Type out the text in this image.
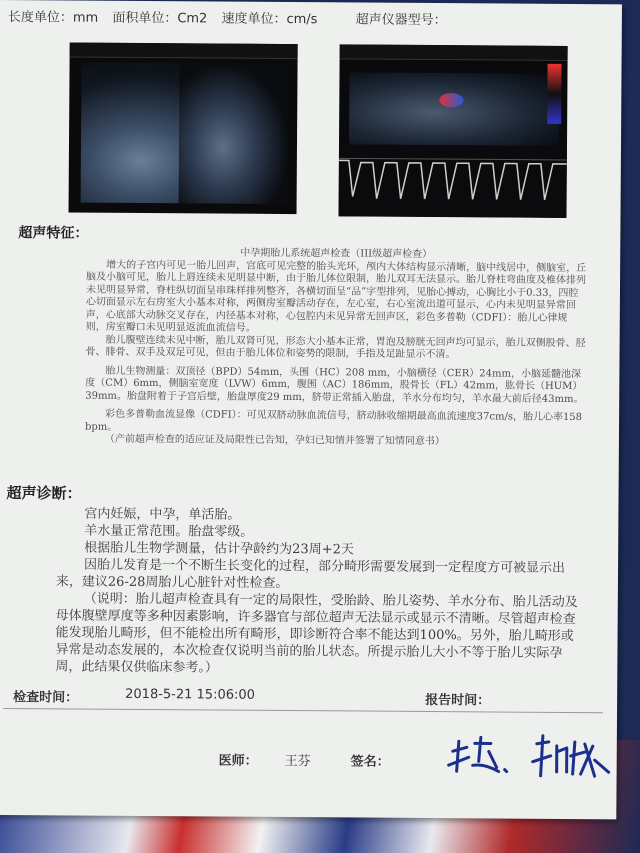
长度单位：mm 面积单位：Cm2 速度单位：cm/s	超声仪器型号：
超声特征：

中孕期胎儿系统超声检查（III级超声检查）

增大的子宫内可见一胎儿回声，宫底可见完整的胎头光环，颅内大体结构显示清晰，脑中线居中，侧脑室，丘脑及小脑可见，胎儿上唇连续未见明显中断，由于胎儿体位限制，胎儿双耳无法显示。胎儿脊柱弯曲度及椎体排列未见明显异常，脊柱纵切面呈串珠样排列整齐，各横切面呈“品”字型排列，见胎心搏动，心胸比小于0.33，四腔心切面显示左右房室大小基本对称，两侧房室瓣活动存在，左心室，右心室流出道可显示，心内未见明显异常回声，心底部大动脉交叉存在，内径基本对称，心包腔内未见异常无回声区，彩色多普勒（CDFI）：胎儿心律规则，房室瓣口未见明显返流血流信号。

胎儿腹壁连续未见中断，胎儿双肾可见，形态大小基本正常，胃泡及膀胱无回声均可显示，胎儿双侧股骨、胫骨、腓骨、双手及双足可见，但由于胎儿体位和姿势的限制，手指及足趾显示不清。

胎儿生物测量：双顶径（BPD）54mm，头围（HC）208 mm，小脑横径（CER）24mm，小脑延髓池深度（CM）6mm，侧脑室宽度（LVW）6mm，腹围（AC）186mm，股骨长（FL）42mm，肱骨长（HUM）39mm。胎盘附着于子宫后壁，胎盘厚度29 mm，脐带正常插入胎盘，羊水分布均匀，羊水最大前后径43mm。

彩色多普勒血流显像（CDFI）：可见双脐动脉血流信号，脐动脉收缩期最高血流速度37cm/s，胎儿心率158 bpm。

（产前超声检查的适应证及局限性已告知，孕妇已知情并签署了知情同意书）

超声诊断：

宫内妊娠，中孕，单活胎。

羊水量正常范围。胎盘零级。

根据胎儿生物学测量，估计孕龄约为23周+2天

因胎儿发育是一个不断生长变化的过程，部分畸形需要发展到一定程度方可被显示出来，建议26-28周胎儿心脏针对性检查。

（说明：胎儿超声检查具有一定的局限性，受胎龄、胎儿姿势、羊水分布、胎儿活动及母体腹壁厚度等多种因素影响，许多器官与部位超声无法显示或显示不清晰。尽管超声检查能发现胎儿畸形，但不能检出所有畸形，即诊断符合率不能达到100%。另外，胎儿畸形或异常是动态发展的，本次检查仅说明当前的胎儿状态。所提示胎儿大小不等于胎儿实际孕周，此结果仅供临床参考。）

检查时间：	2018-5-21 15:06:00	报告时间：
医师： 王芬	签名：
